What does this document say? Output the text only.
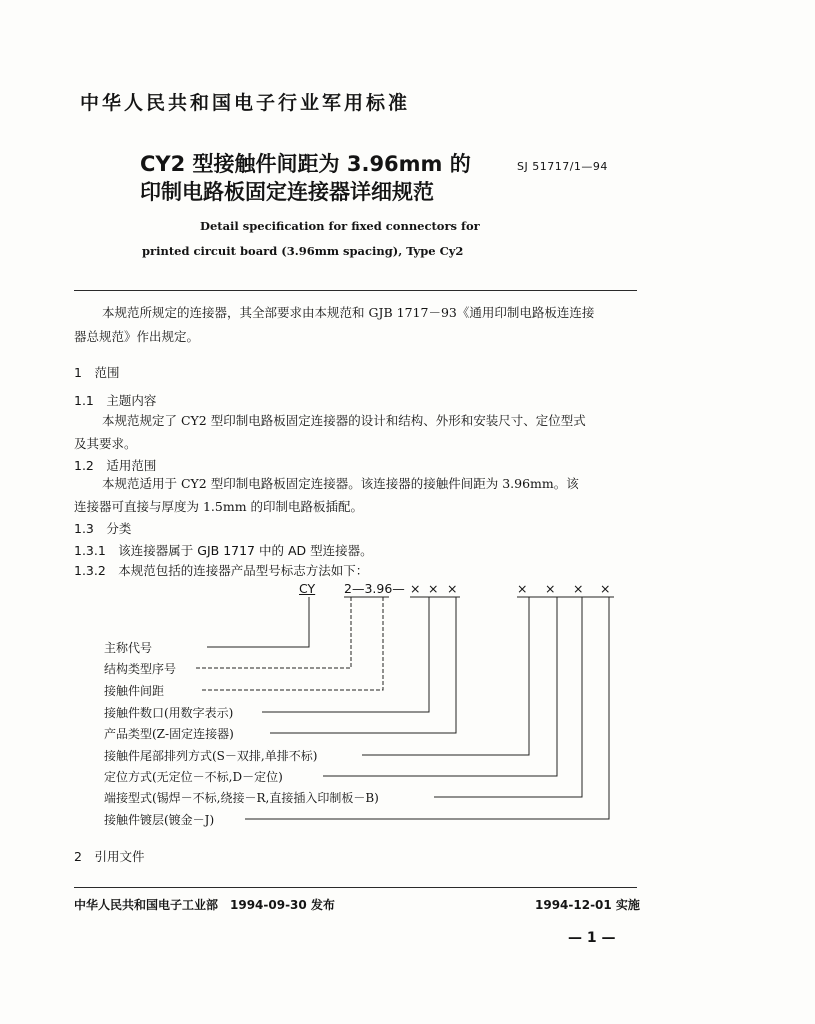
中华人民共和国电子行业军用标准
CY2 型接触件间距为 3.96mm 的
印制电路板固定连接器详细规范
SJ 51717/1—94
Detail specification for fixed connectors for
printed circuit board (3.96mm spacing), Type Cy2
本规范所规定的连接器，其全部要求由本规范和 GJB 1717－93《通用印制电路板连连接
器总规范》作出规定。
1　范围
1.1　主题内容
本规范规定了 CY2 型印制电路板固定连接器的设计和结构、外形和安装尺寸、定位型式
及其要求。
1.2　适用范围
本规范适用于 CY2 型印制电路板固定连接器。该连接器的接触件间距为 3.96mm。该
连接器可直接与厚度为 1.5mm 的印制电路板插配。
1.3　分类
1.3.1　该连接器属于 GJB 1717 中的 AD 型连接器。
1.3.2　本规范包括的连接器产品型号标志方法如下：
CY 2—3.96— × × ×	× × × ×
主称代号
结构类型序号
接触件间距
接触件数口(用数字表示)
产品类型(Z-固定连接器)
接触件尾部排列方式(S－双排,单排不标)
定位方式(无定位－不标,D－定位)
端接型式(锡焊－不标,绕接－R,直接插入印制板－B)
接触件镀层(镀金－J)
2　引用文件
中华人民共和国电子工业部　1994-09-30 发布	1994-12-01 实施
— 1 —
